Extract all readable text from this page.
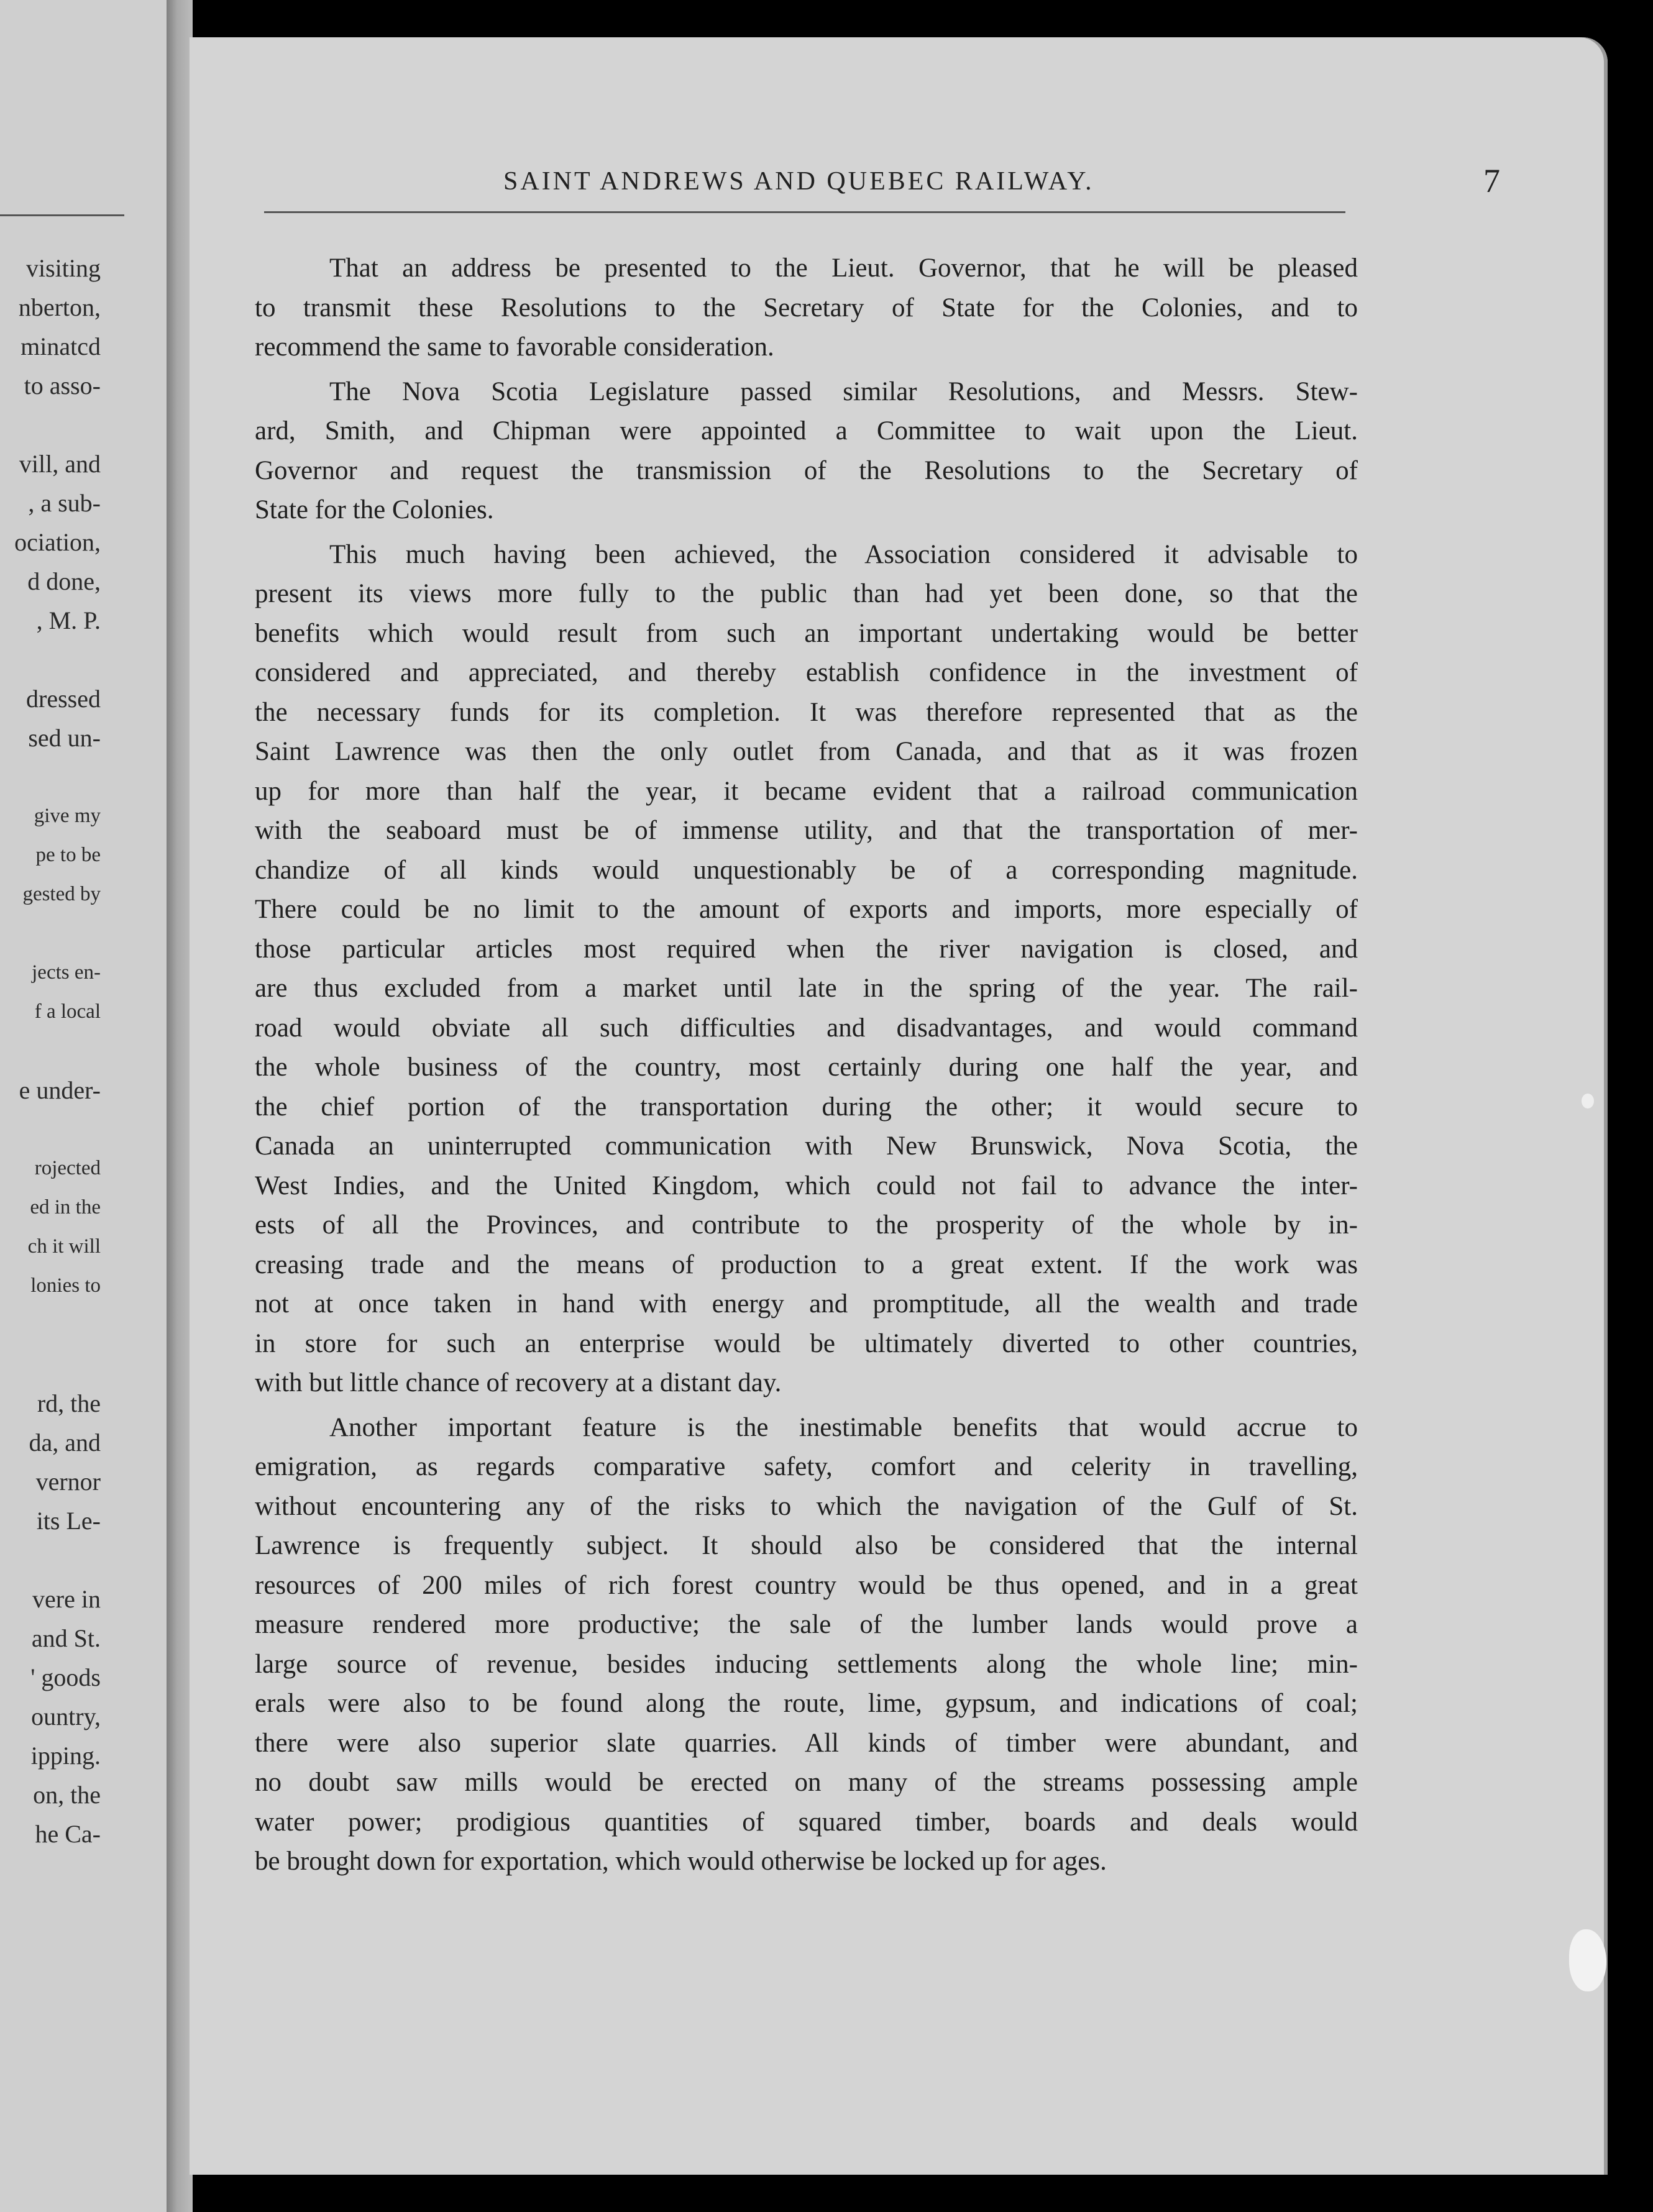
visiting
nberton,
minatcd
to asso-
vill, and
, a sub-
ociation,
d done,
, M. P.
dressed
sed un-
give my
pe to be
gested by
jects en-
f a local
e under-
rojected
ed in the
ch it will
lonies to
rd, the
da, and
vernor
its Le-
vere in
and St.
' goods
ountry,
ipping.
on, the
he Ca-
SAINT ANDREWS AND QUEBEC RAILWAY.	7
That an address be presented to the Lieut. Governor, that he will be pleased
to transmit these Resolutions to the Secretary of State for the Colonies, and to
recommend the same to favorable consideration.
The Nova Scotia Legislature passed similar Resolutions, and Messrs. Stew-
ard, Smith, and Chipman were appointed a Committee to wait upon the Lieut.
Governor and request the transmission of the Resolutions to the Secretary of
State for the Colonies.
This much having been achieved, the Association considered it advisable to
present its views more fully to the public than had yet been done, so that the
benefits which would result from such an important undertaking would be better
considered and appreciated, and thereby establish confidence in the investment of
the necessary funds for its completion. It was therefore represented that as the
Saint Lawrence was then the only outlet from Canada, and that as it was frozen
up for more than half the year, it became evident that a railroad communication
with the seaboard must be of immense utility, and that the transportation of mer-
chandize of all kinds would unquestionably be of a corresponding magnitude.
There could be no limit to the amount of exports and imports, more especially of
those particular articles most required when the river navigation is closed, and
are thus excluded from a market until late in the spring of the year. The rail-
road would obviate all such difficulties and disadvantages, and would command
the whole business of the country, most certainly during one half the year, and
the chief portion of the transportation during the other; it would secure to
Canada an uninterrupted communication with New Brunswick, Nova Scotia, the
West Indies, and the United Kingdom, which could not fail to advance the inter-
ests of all the Provinces, and contribute to the prosperity of the whole by in-
creasing trade and the means of production to a great extent. If the work was
not at once taken in hand with energy and promptitude, all the wealth and trade
in store for such an enterprise would be ultimately diverted to other countries,
with but little chance of recovery at a distant day.
Another important feature is the inestimable benefits that would accrue to
emigration, as regards comparative safety, comfort and celerity in travelling,
without encountering any of the risks to which the navigation of the Gulf of St.
Lawrence is frequently subject. It should also be considered that the internal
resources of 200 miles of rich forest country would be thus opened, and in a great
measure rendered more productive; the sale of the lumber lands would prove a
large source of revenue, besides inducing settlements along the whole line; min-
erals were also to be found along the route, lime, gypsum, and indications of coal;
there were also superior slate quarries. All kinds of timber were abundant, and
no doubt saw mills would be erected on many of the streams possessing ample
water power; prodigious quantities of squared timber, boards and deals would
be brought down for exportation, which would otherwise be locked up for ages.
